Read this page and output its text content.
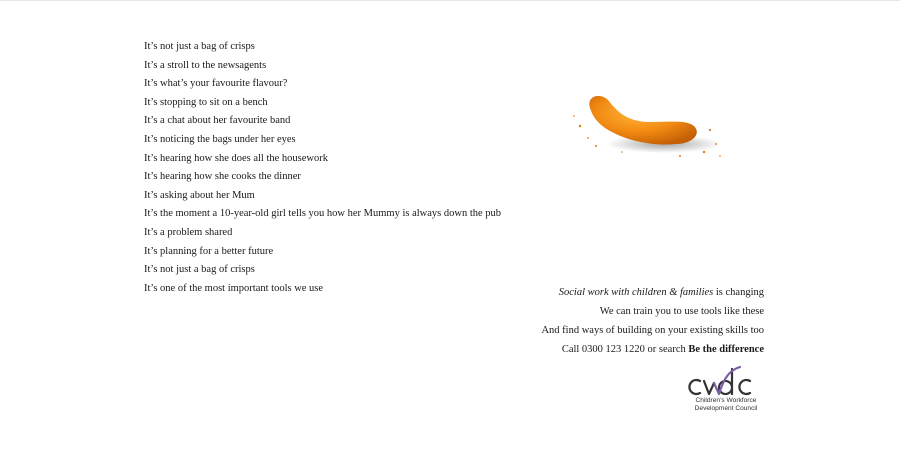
It’s not just a bag of crisps
It’s a stroll to the newsagents
It’s what’s your favourite flavour?
It’s stopping to sit on a bench
It’s a chat about her favourite band
It’s noticing the bags under her eyes
It’s hearing how she does all the housework
It’s hearing how she cooks the dinner
It’s asking about her Mum
It’s the moment a 10-year-old girl tells you how her Mummy is always down the pub
It’s a problem shared
It’s planning for a better future
It’s not just a bag of crisps
It’s one of the most important tools we use	Social work with children & families is changing
We can train you to use tools like these
And find ways of building on your existing skills too
Call 0300 123 1220 or search Be the difference
Children’s Workforce
Development Council
